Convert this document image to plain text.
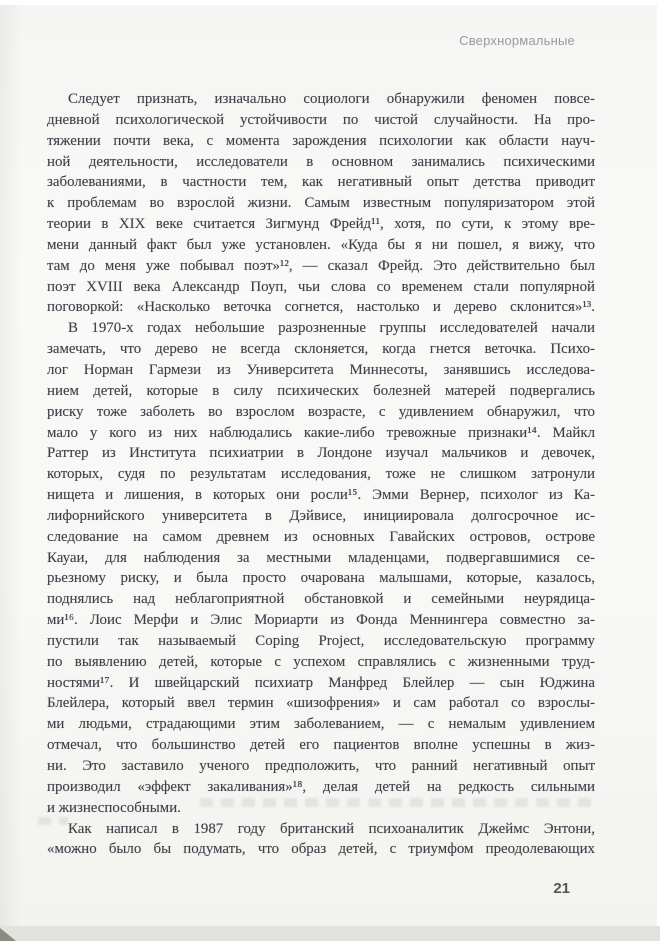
Сверхнормальные
Следует признать, изначально социологи обнаружили феномен повсе-
дневной психологической устойчивости по чистой случайности. На про-
тяжении почти века, с момента зарождения психологии как области науч-
ной деятельности, исследователи в основном занимались психическими
заболеваниями, в частности тем, как негативный опыт детства приводит
к проблемам во взрослой жизни. Самым известным популяризатором этой
теории в XIX веке считается Зигмунд Фрейд¹¹, хотя, по сути, к этому вре-
мени данный факт был уже установлен. «Куда бы я ни пошел, я вижу, что
там до меня уже побывал поэт»¹², — сказал Фрейд. Это действительно был
поэт XVIII века Александр Поуп, чьи слова со временем стали популярной
поговоркой: «Насколько веточка согнется, настолько и дерево склонится»¹³.
В 1970-х годах небольшие разрозненные группы исследователей начали
замечать, что дерево не всегда склоняется, когда гнется веточка. Психо-
лог Норман Гармези из Университета Миннесоты, занявшись исследова-
нием детей, которые в силу психических болезней матерей подвергались
риску тоже заболеть во взрослом возрасте, с удивлением обнаружил, что
мало у кого из них наблюдались какие-либо тревожные признаки¹⁴. Майкл
Раттер из Института психиатрии в Лондоне изучал мальчиков и девочек,
которых, судя по результатам исследования, тоже не слишком затронули
нищета и лишения, в которых они росли¹⁵. Эмми Вернер, психолог из Ка-
лифорнийского университета в Дэйвисе, инициировала долгосрочное ис-
следование на самом древнем из основных Гавайских островов, острове
Кауаи, для наблюдения за местными младенцами, подвергавшимися се-
рьезному риску, и была просто очарована малышами, которые, казалось,
поднялись над неблагоприятной обстановкой и семейными неурядица-
ми¹⁶. Лоис Мерфи и Элис Мориарти из Фонда Меннингера совместно за-
пустили так называемый Coping Project, исследовательскую программу
по выявлению детей, которые с успехом справлялись с жизненными труд-
ностями¹⁷. И швейцарский психиатр Манфред Блейлер — сын Юджина
Блейлера, который ввел термин «шизофрения» и сам работал со взрослы-
ми людьми, страдающими этим заболеванием, — с немалым удивлением
отмечал, что большинство детей его пациентов вполне успешны в жиз-
ни. Это заставило ученого предположить, что ранний негативный опыт
производил «эффект закаливания»¹⁸, делая детей на редкость сильными
и жизнеспособными.
Как написал в 1987 году британский психоаналитик Джеймс Энтони,
«можно было бы подумать, что образ детей, с триумфом преодолевающих
21
